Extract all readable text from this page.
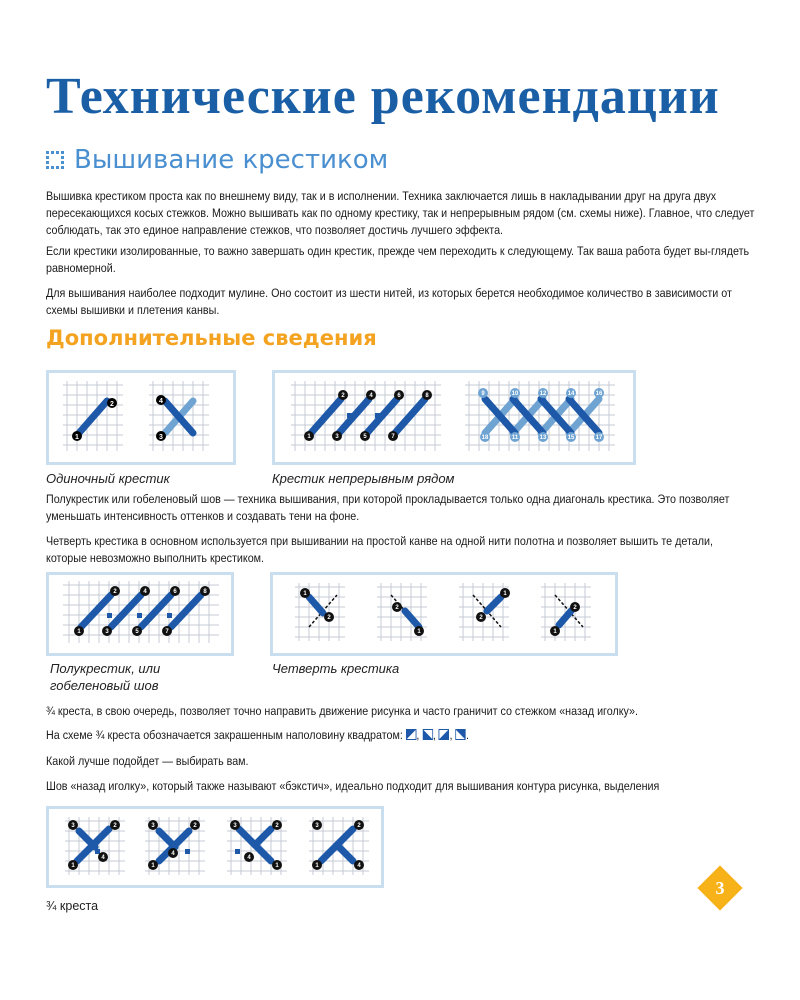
Технические рекомендации
Вышивание крестиком

Вышивка крестиком проста как по внешнему виду, так и в исполнении. Техника заключается лишь в накладывании друг на друга двух пересекающихся косых стежков. Можно вышивать как по одному крестику, так и непрерывным рядом (см. схемы ниже). Главное, что следует соблюдать, так это единое направление стежков, что позволяет достичь лучшего эффекта.

Если крестики изолированные, то важно завершать один крестик, прежде чем переходить к следующему. Так ваша работа будет вы-глядеть равномерной.

Для вышивания наиболее подходит мулине. Оно состоит из шести нитей, из которых берется необходимое количество в зависимости от схемы вышивки и плетения канвы.

Дополнительные сведения
1
2
3
4
1
2
3
4
5
6
7
8	9	10
11
12
13
14
15
16
17
18

Одиночный крестик	Крестик непрерывным рядом

Полукрестик или гобеленовый шов — техника вышивания, при которой прокладывается только одна диагональ крестика. Это позволяет уменьшать интенсивность оттенков и создавать тени на фоне.

Четверть крестика в основном используется при вышивании на простой канве на одной нити полотна и позволяет вышить те детали, которые невозможно выполнить крестиком.

1
2
3
4
5
6
7
8	1
2
1
2
1
2
1
2

Полукрестик, или

гобеленовый шов

Четверть крестика

¾ креста, в свою очередь, позволяет точно направить движение рисунка и часто граничит со стежком «назад иголку».

На схеме ¾ креста обозначается закрашенным наполовину квадратом: , , , .

Какой лучше подойдет — выбирать вам.

Шов «назад иголку», который также называют «бэкстич», идеально подходит для вышивания контура рисунка, выделения

3	2
1
4
3	2
1
4
3	2
1
4
3	2
1	4

¾ креста

3
